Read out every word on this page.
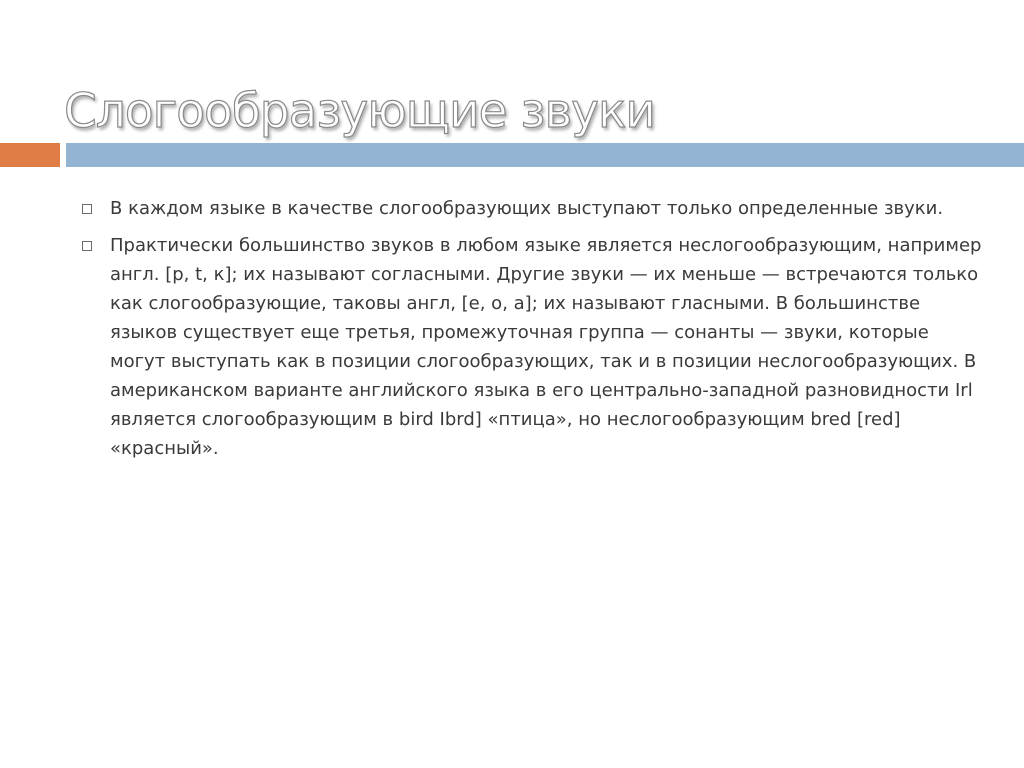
Слогообразующие звуки
В каждом языке в качестве слогообразующих выступают только определенные звуки.
Практически большинство звуков в любом языке является неслогообразующим, например англ. [р, t, к]; их называют согласными. Другие звуки — их меньше — встречаются только как слогообразующие, таковы англ, [е, о, а]; их называют гласными. В большинстве языков существует еще третья, промежуточная группа — сонанты — звуки, которые могут выступать как в позиции слогообразующих, так и в позиции неслогообразующих. В американском варианте английского языка в его центрально-западной разновидности Irl является слогообразующим в bird Ibrd] «птица», но неслогообразующим bred [red] «красный».
